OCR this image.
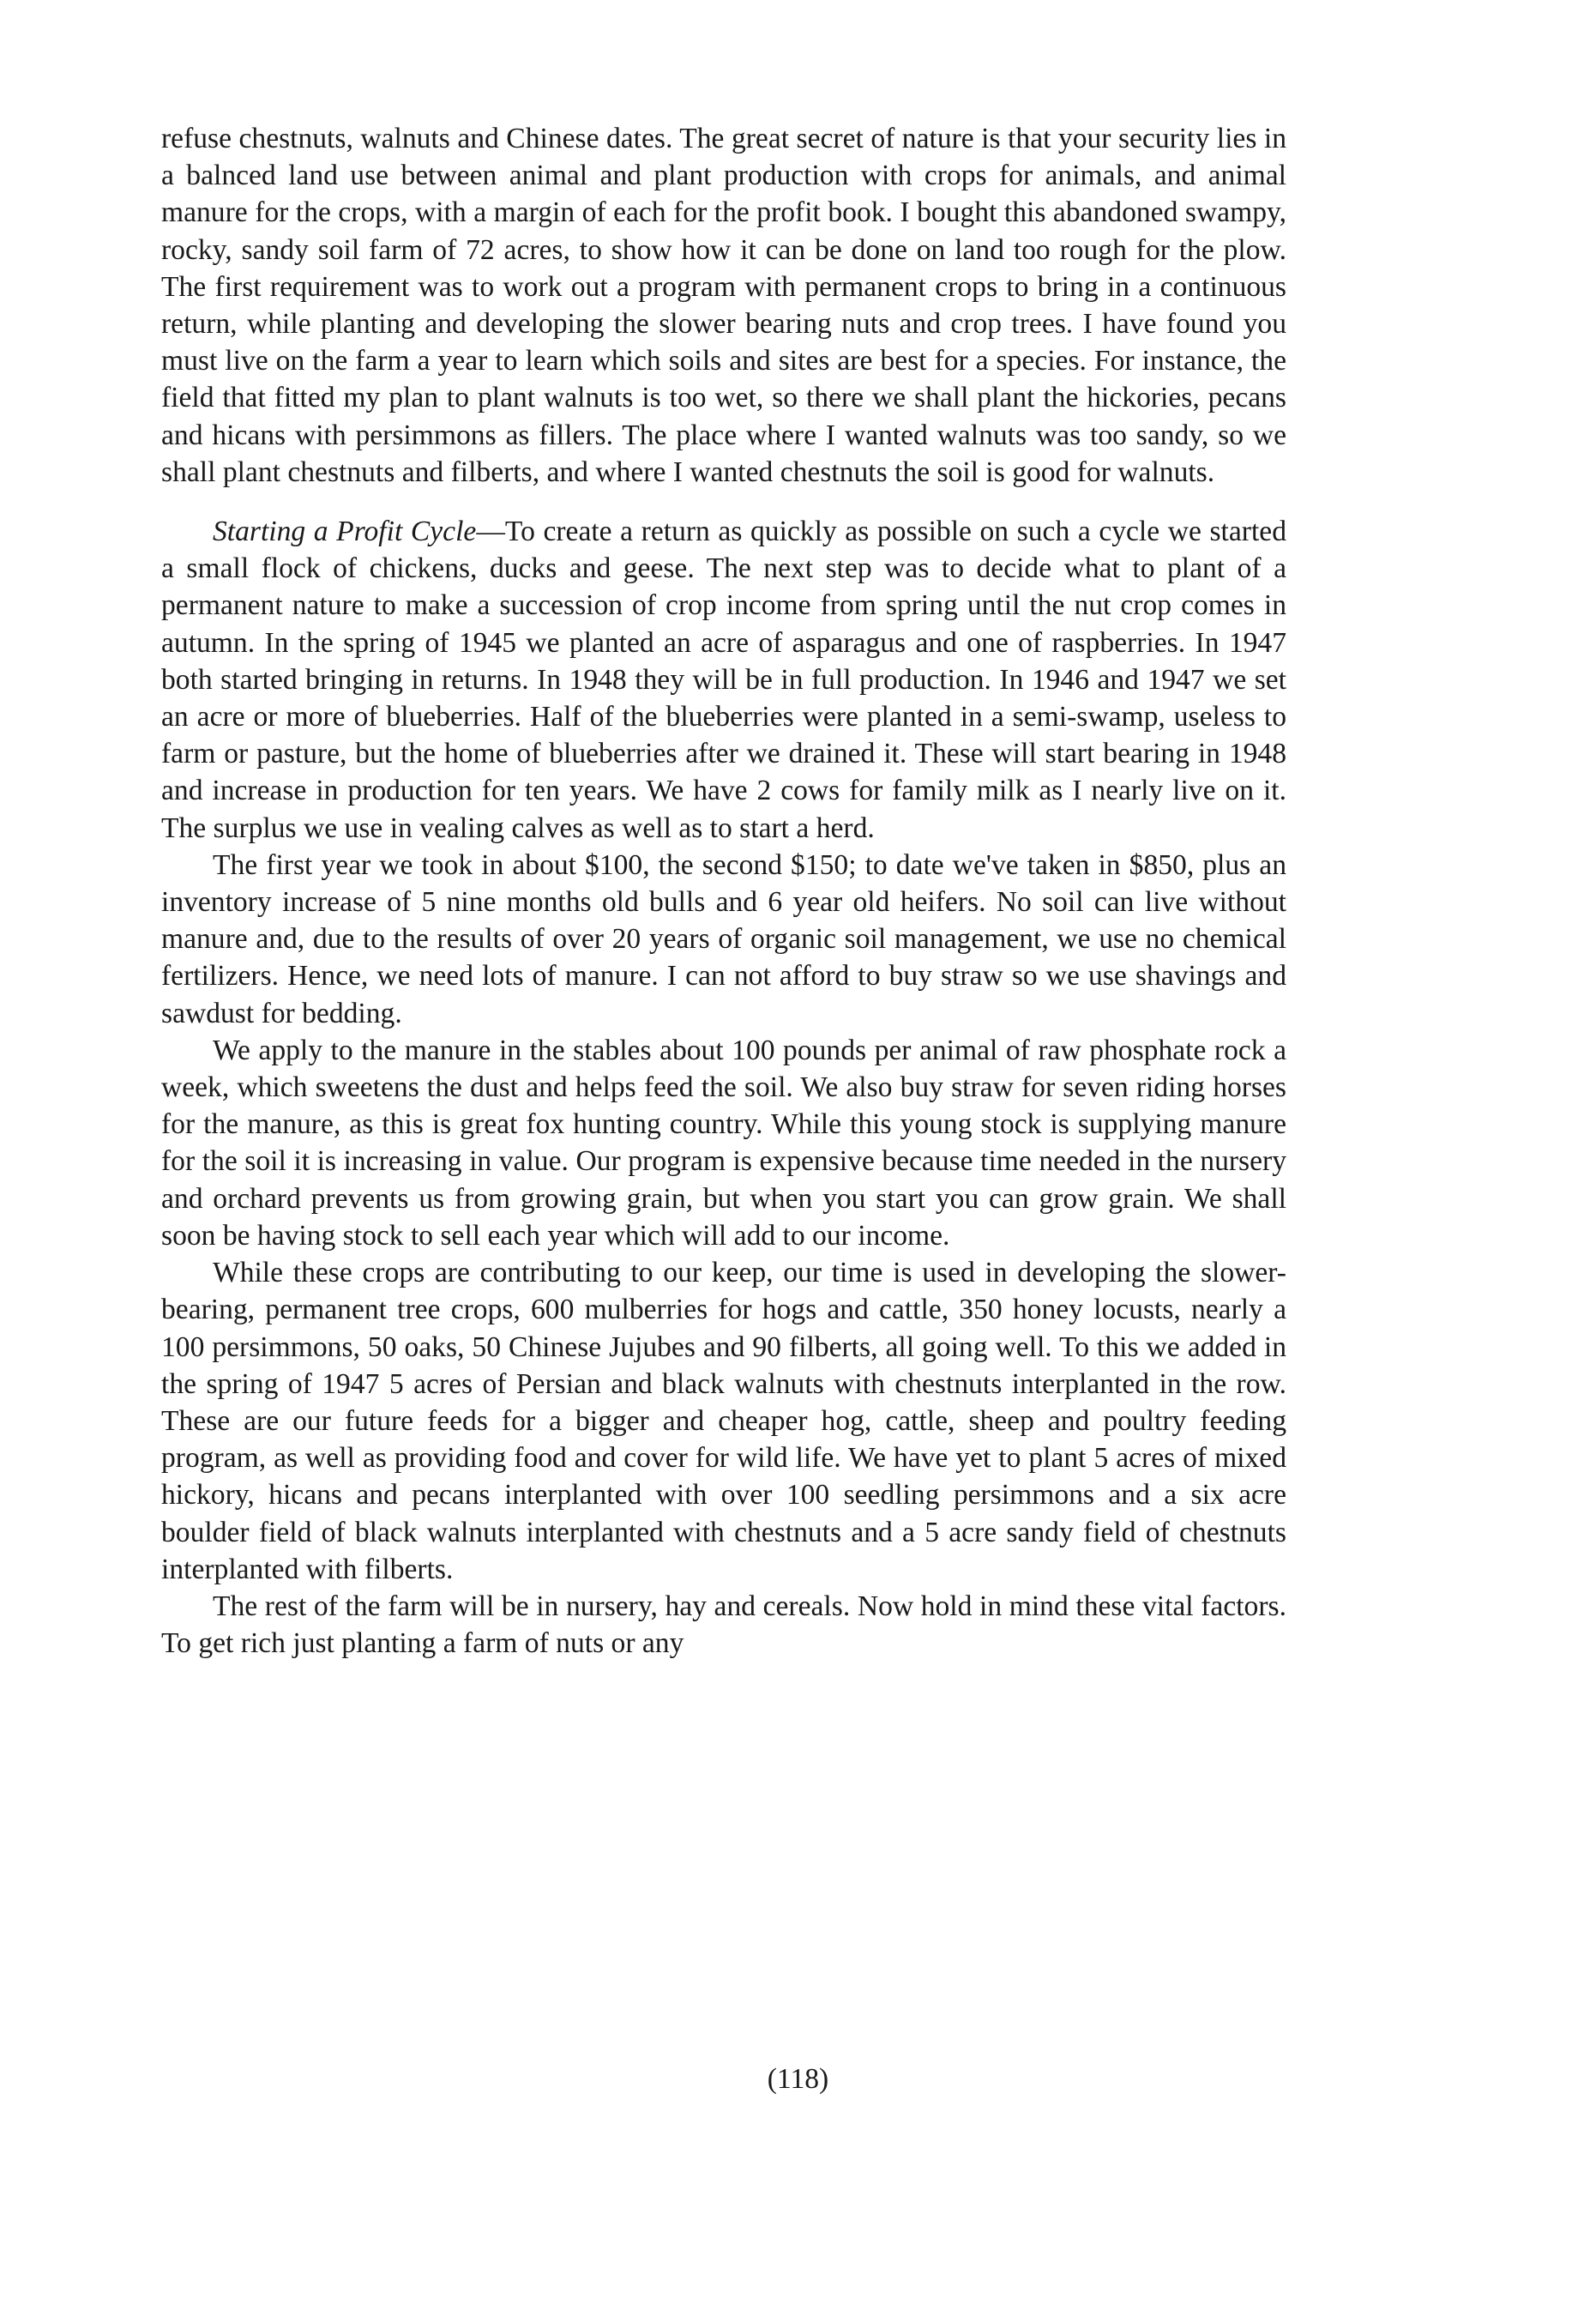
refuse chestnuts, walnuts and Chinese dates. The great secret of nature is that your security lies in a balnced land use between animal and plant production with crops for animals, and animal manure for the crops, with a margin of each for the profit book. I bought this abandoned swampy, rocky, sandy soil farm of 72 acres, to show how it can be done on land too rough for the plow. The first requirement was to work out a program with permanent crops to bring in a continuous return, while planting and developing the slower bearing nuts and crop trees. I have found you must live on the farm a year to learn which soils and sites are best for a species. For instance, the field that fitted my plan to plant walnuts is too wet, so there we shall plant the hickories, pecans and hicans with persimmons as fillers. The place where I wanted walnuts was too sandy, so we shall plant chestnuts and filberts, and where I wanted chestnuts the soil is good for walnuts.

Starting a Profit Cycle—To create a return as quickly as possible on such a cycle we started a small flock of chickens, ducks and geese. The next step was to decide what to plant of a permanent nature to make a succession of crop income from spring until the nut crop comes in autumn. In the spring of 1945 we planted an acre of asparagus and one of raspberries. In 1947 both started bringing in returns. In 1948 they will be in full production. In 1946 and 1947 we set an acre or more of blueberries. Half of the blueberries were planted in a semi-swamp, useless to farm or pasture, but the home of blueberries after we drained it. These will start bearing in 1948 and increase in production for ten years. We have 2 cows for family milk as I nearly live on it. The surplus we use in vealing calves as well as to start a herd.

The first year we took in about $100, the second $150; to date we've taken in $850, plus an inventory increase of 5 nine months old bulls and 6 year old heifers. No soil can live without manure and, due to the results of over 20 years of organic soil management, we use no chemical fertilizers. Hence, we need lots of manure. I can not afford to buy straw so we use shavings and sawdust for bedding.

We apply to the manure in the stables about 100 pounds per animal of raw phosphate rock a week, which sweetens the dust and helps feed the soil. We also buy straw for seven riding horses for the manure, as this is great fox hunting country. While this young stock is supplying manure for the soil it is increasing in value. Our program is expensive because time needed in the nursery and orchard prevents us from growing grain, but when you start you can grow grain. We shall soon be having stock to sell each year which will add to our income.

While these crops are contributing to our keep, our time is used in developing the slower-bearing, permanent tree crops, 600 mulberries for hogs and cattle, 350 honey locusts, nearly a 100 persimmons, 50 oaks, 50 Chinese Jujubes and 90 filberts, all going well. To this we added in the spring of 1947 5 acres of Persian and black walnuts with chestnuts interplanted in the row. These are our future feeds for a bigger and cheaper hog, cattle, sheep and poultry feeding program, as well as providing food and cover for wild life. We have yet to plant 5 acres of mixed hickory, hicans and pecans interplanted with over 100 seedling persimmons and a six acre boulder field of black walnuts interplanted with chestnuts and a 5 acre sandy field of chestnuts interplanted with filberts.

The rest of the farm will be in nursery, hay and cereals. Now hold in mind these vital factors. To get rich just planting a farm of nuts or any

(118)
